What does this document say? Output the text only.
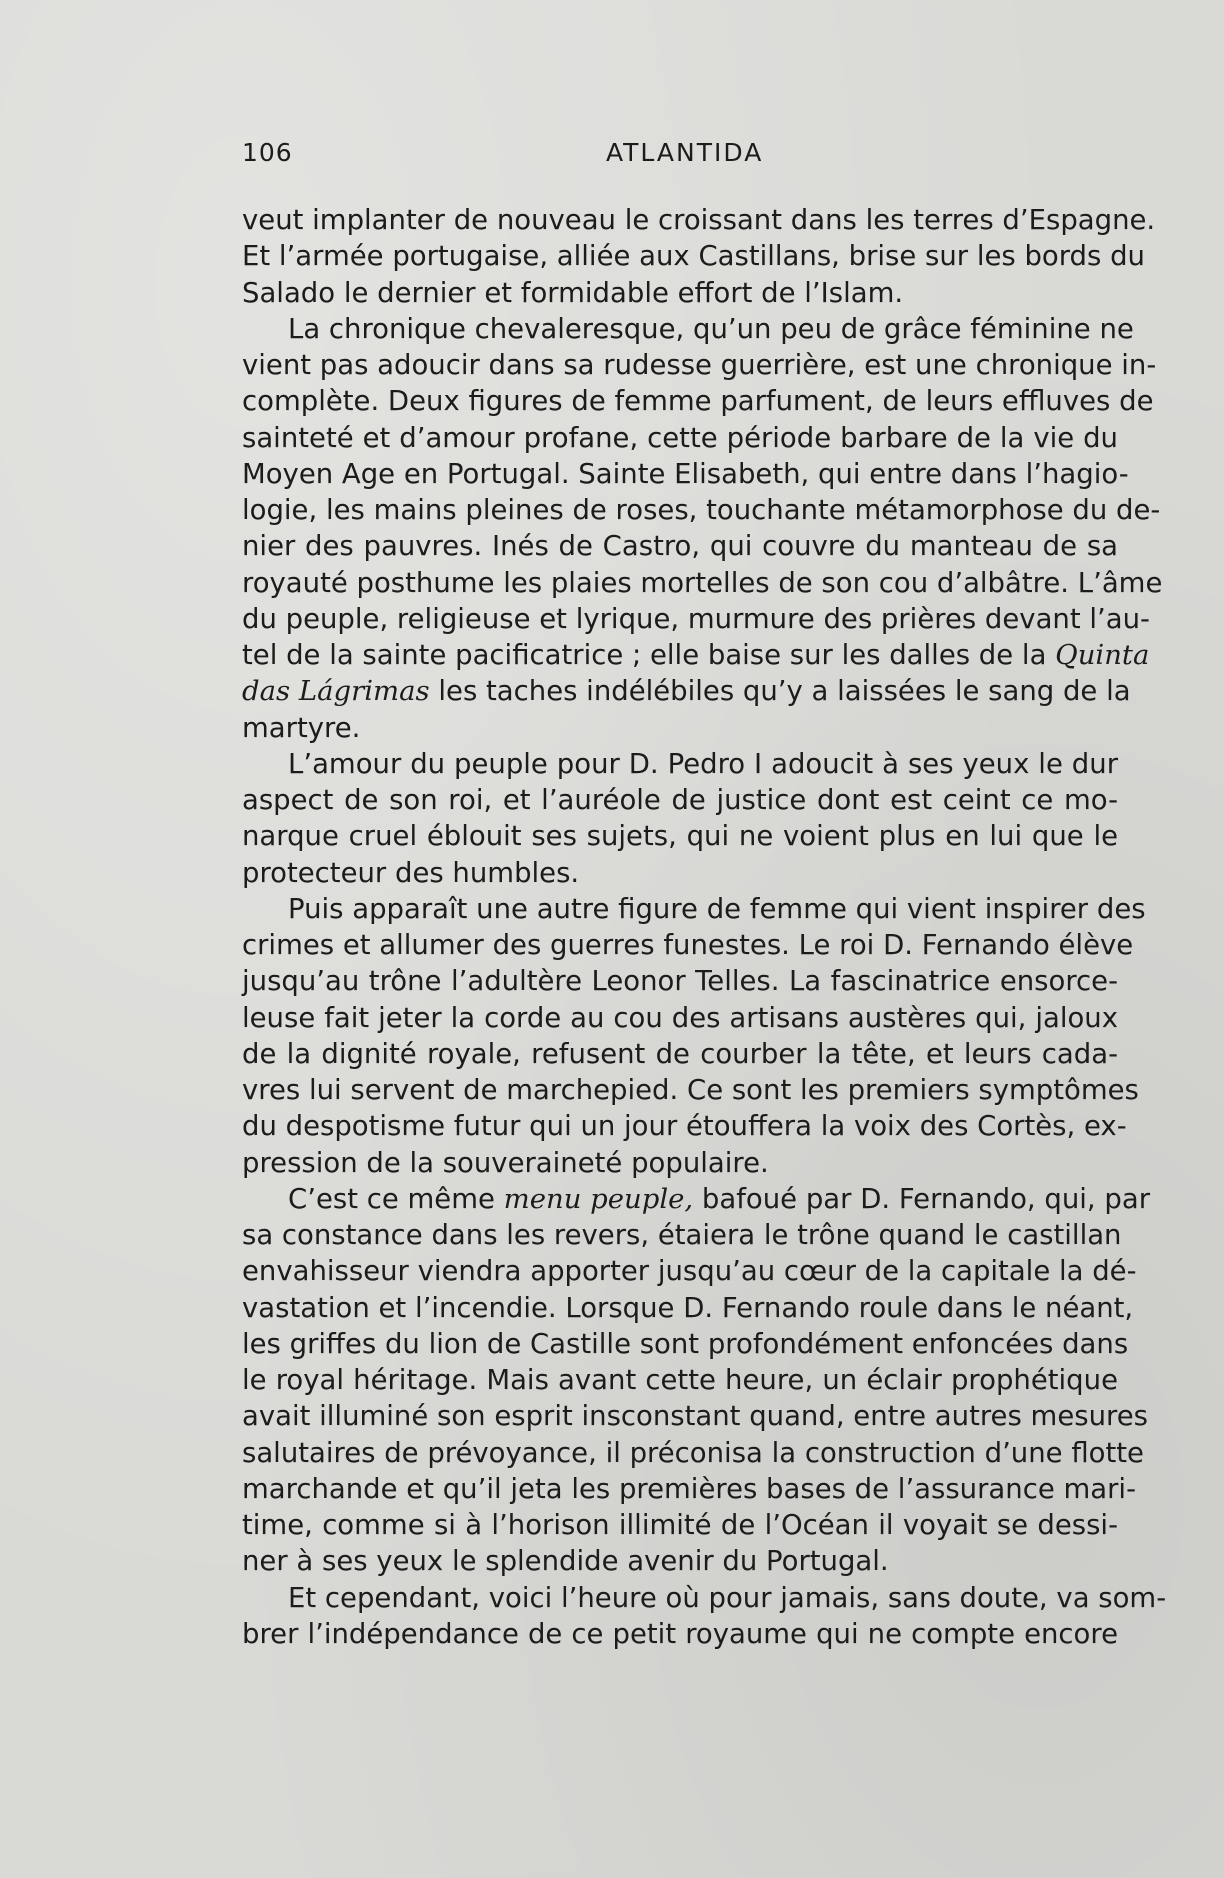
106	ATLANTIDA
veut implanter de nouveau le croissant dans les terres d’Espagne.
Et l’armée portugaise, alliée aux Castillans, brise sur les bords du
Salado le dernier et formidable effort de l’Islam.
La chronique chevaleresque, qu’un peu de grâce féminine ne
vient pas adoucir dans sa rudesse guerrière, est une chronique in-
complète. Deux figures de femme parfument, de leurs effluves de
sainteté et d’amour profane, cette période barbare de la vie du
Moyen Age en Portugal. Sainte Elisabeth, qui entre dans l’hagio-
logie, les mains pleines de roses, touchante métamorphose du de-
nier des pauvres. Inés de Castro, qui couvre du manteau de sa
royauté posthume les plaies mortelles de son cou d’albâtre. L’âme
du peuple, religieuse et lyrique, murmure des prières devant l’au-
tel de la sainte pacificatrice ; elle baise sur les dalles de la Quinta
das Lágrimas les taches indélébiles qu’y a laissées le sang de la
martyre.
L’amour du peuple pour D. Pedro I adoucit à ses yeux le dur
aspect de son roi, et l’auréole de justice dont est ceint ce mo-
narque cruel éblouit ses sujets, qui ne voient plus en lui que le
protecteur des humbles.
Puis apparaît une autre figure de femme qui vient inspirer des
crimes et allumer des guerres funestes. Le roi D. Fernando élève
jusqu’au trône l’adultère Leonor Telles. La fascinatrice ensorce-
leuse fait jeter la corde au cou des artisans austères qui, jaloux
de la dignité royale, refusent de courber la tête, et leurs cada-
vres lui servent de marchepied. Ce sont les premiers symptômes
du despotisme futur qui un jour étouffera la voix des Cortès, ex-
pression de la souveraineté populaire.
C’est ce même menu peuple, bafoué par D. Fernando, qui, par
sa constance dans les revers, étaiera le trône quand le castillan
envahisseur viendra apporter jusqu’au cœur de la capitale la dé-
vastation et l’incendie. Lorsque D. Fernando roule dans le néant,
les griffes du lion de Castille sont profondément enfoncées dans
le royal héritage. Mais avant cette heure, un éclair prophétique
avait illuminé son esprit insconstant quand, entre autres mesures
salutaires de prévoyance, il préconisa la construction d’une flotte
marchande et qu’il jeta les premières bases de l’assurance mari-
time, comme si à l’horison illimité de l’Océan il voyait se dessi-
ner à ses yeux le splendide avenir du Portugal.
Et cependant, voici l’heure où pour jamais, sans doute, va som-
brer l’indépendance de ce petit royaume qui ne compte encore
